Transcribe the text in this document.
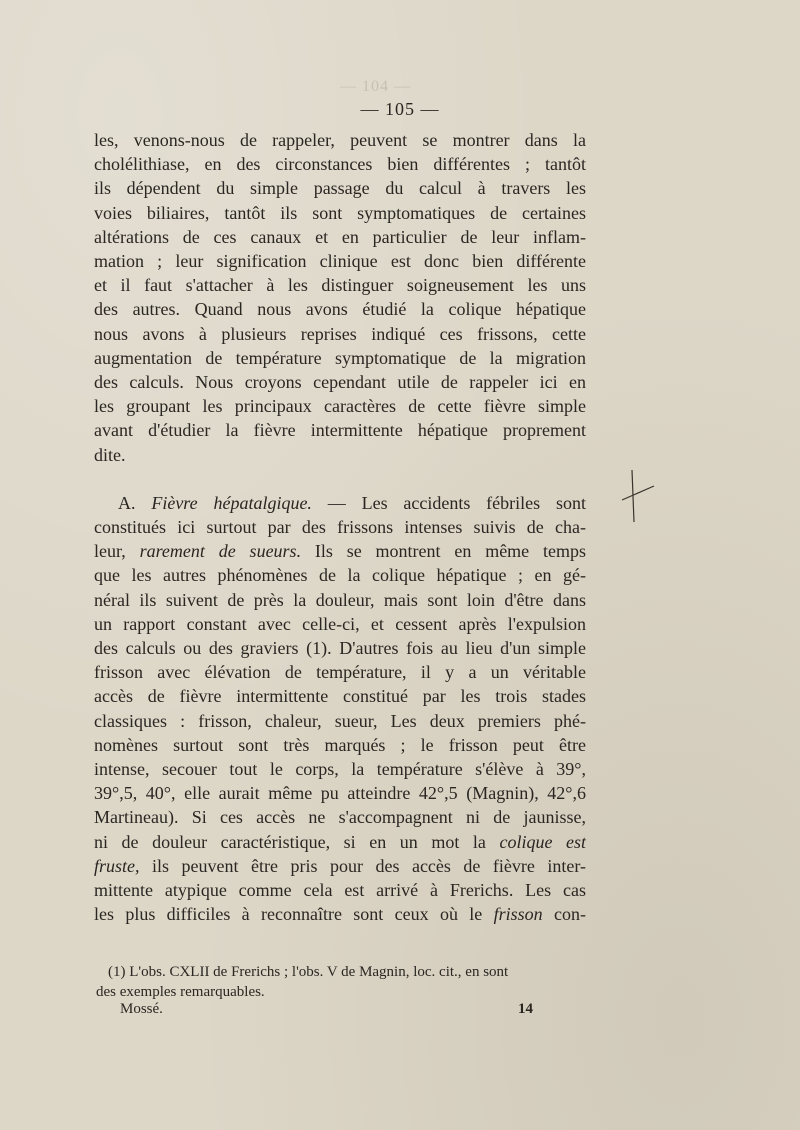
— 104 —
— 105 —
les, venons-nous de rappeler, peuvent se montrer dans la
cholélithiase, en des circonstances bien différentes ; tantôt
ils dépendent du simple passage du calcul à travers les
voies biliaires, tantôt ils sont symptomatiques de certaines
altérations de ces canaux et en particulier de leur inflam-
mation ; leur signification clinique est donc bien différente
et il faut s'attacher à les distinguer soigneusement les uns
des autres. Quand nous avons étudié la colique hépatique
nous avons à plusieurs reprises indiqué ces frissons, cette
augmentation de température symptomatique de la migration
des calculs. Nous croyons cependant utile de rappeler ici en
les groupant les principaux caractères de cette fièvre simple
avant d'étudier la fièvre intermittente hépatique proprement
dite.
A. Fièvre hépatalgique. — Les accidents fébriles sont
constitués ici surtout par des frissons intenses suivis de cha-
leur, rarement de sueurs. Ils se montrent en même temps
que les autres phénomènes de la colique hépatique ; en gé-
néral ils suivent de près la douleur, mais sont loin d'être dans
un rapport constant avec celle-ci, et cessent après l'expulsion
des calculs ou des graviers (1). D'autres fois au lieu d'un simple
frisson avec élévation de température, il y a un véritable
accès de fièvre intermittente constitué par les trois stades
classiques : frisson, chaleur, sueur, Les deux premiers phé-
nomènes surtout sont très marqués ; le frisson peut être
intense, secouer tout le corps, la température s'élève à 39°,
39°,5, 40°, elle aurait même pu atteindre 42°,5 (Magnin), 42°,6
Martineau). Si ces accès ne s'accompagnent ni de jaunisse,
ni de douleur caractéristique, si en un mot la colique est
fruste, ils peuvent être pris pour des accès de fièvre inter-
mittente atypique comme cela est arrivé à Frerichs. Les cas
les plus difficiles à reconnaître sont ceux où le frisson con-
(1) L'obs. CXLII de Frerichs ; l'obs. V de Magnin, loc. cit., en sont
des exemples remarquables.
Mossé.	14
